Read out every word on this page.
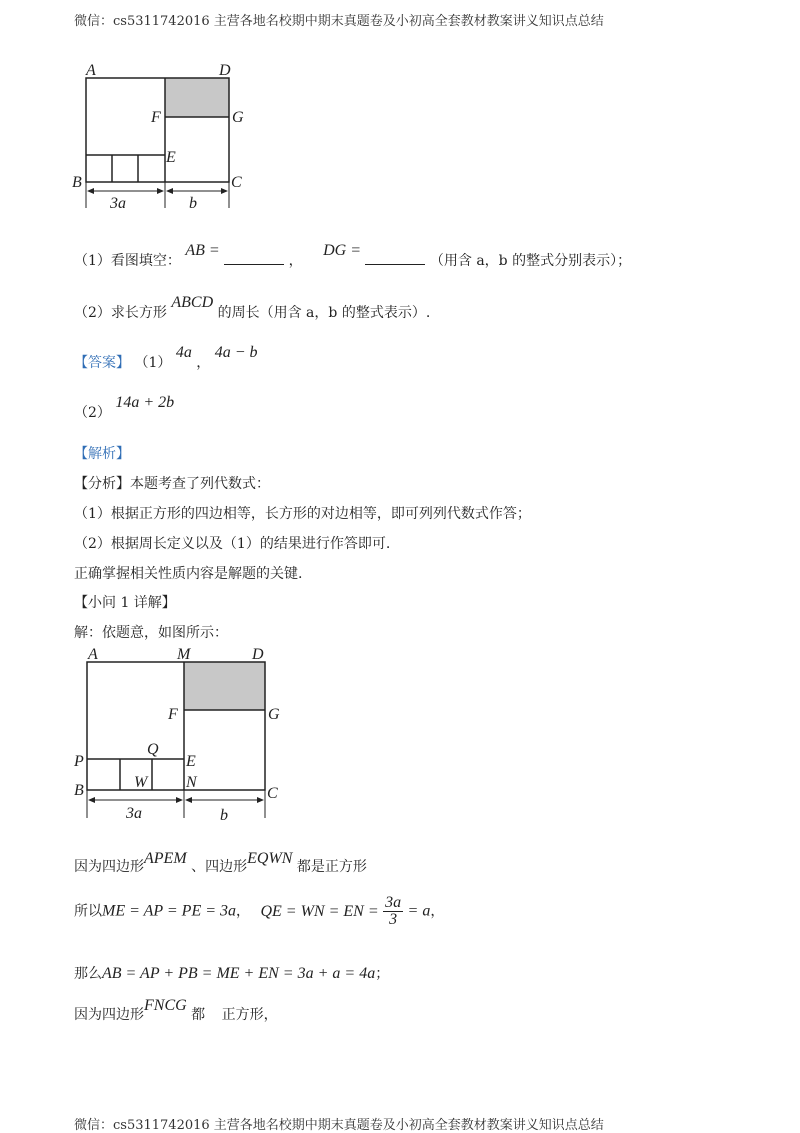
微信：cs5311742016 主营各地名校期中期末真题卷及小初高全套教材教案讲义知识点总结
A	D
F	G
E
B	C
3a	b
（1）看图填空： AB =  ， DG =  （用含 a，b 的整式分别表示）；
（2）求长方形 ABCD 的周长（用含 a，b 的整式表示）.
【答案】 （1） 4a ， 4a − b
（2） 14a + 2b
【解析】
【分析】本题考查了列代数式：
（1）根据正方形的四边相等，长方形的对边相等，即可列列代数式作答；
（2）根据周长定义以及（1）的结果进行作答即可.
正确掌握相关性质内容是解题的关键.
【小问 1 详解】
解：依题意，如图所示：
A	M	D
F	G
P
Q
E
W N
B	C
3a	b
因为四边形APEM 、四边形EQWN 都是正方形
所以ME = AP = PE = 3a， QE = WN = EN = $\frac{3a}{3} = a$，
那么AB = AP + PB = ME + EN = 3a + a = 4a；
因为四边形FNCG 都 正方形，
微信：cs5311742016 主营各地名校期中期末真题卷及小初高全套教材教案讲义知识点总结
